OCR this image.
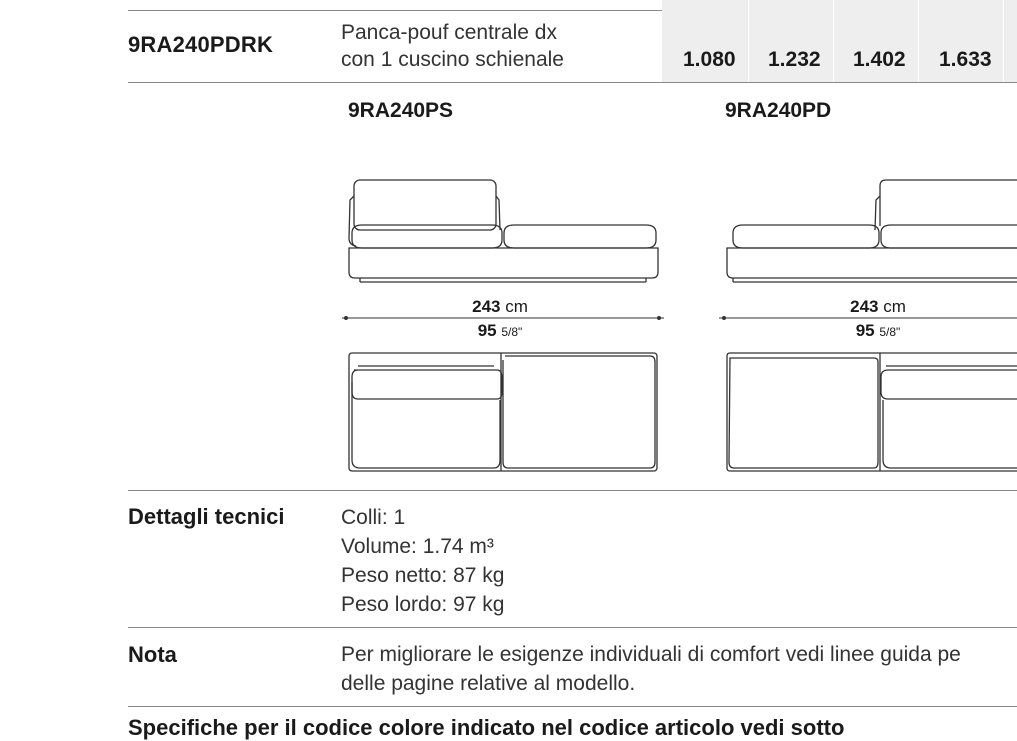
9RA240PDRK	Panca-pouf centrale dx
con 1 cuscino schienale	1.080 1.232 1.402 1.633
9RA240PS	9RA240PD
243 cm
95 5/8"
243 cm
95 5/8"
Dettagli tecnici	Colli: 1
Volume: 1.74 m³
Peso netto: 87 kg
Peso lordo: 97 kg
Nota	Per migliorare le esigenze individuali di comfort vedi linee guida pe
delle pagine relative al modello.
Specifiche per il codice colore indicato nel codice articolo vedi sotto
